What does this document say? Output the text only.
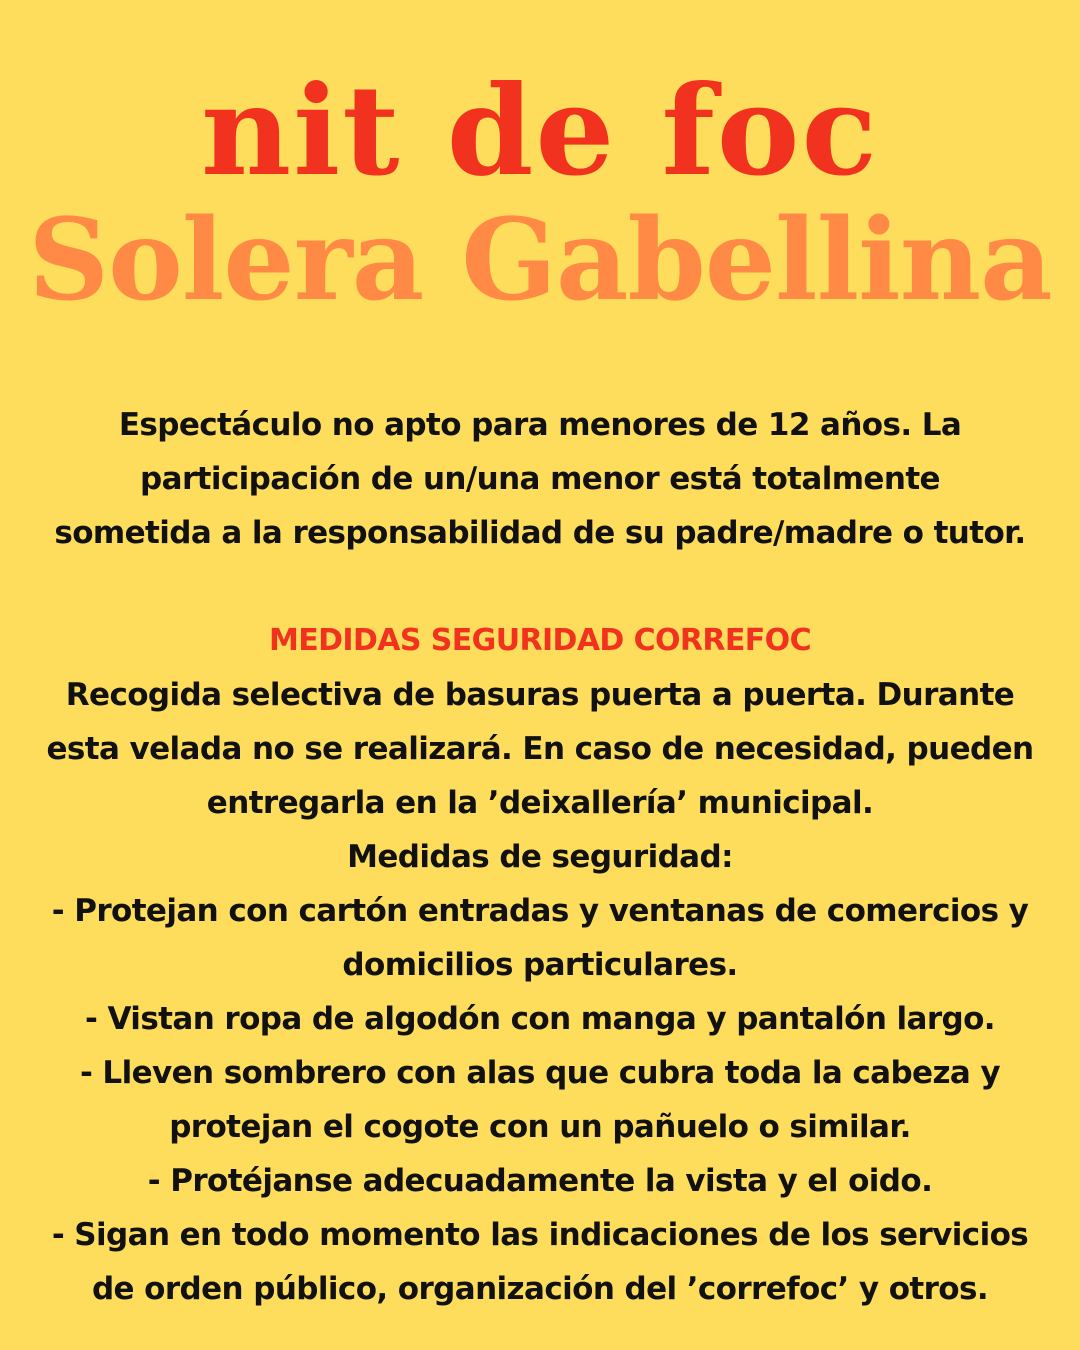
nit de foc
Solera Gabellina
Espectáculo no apto para menores de 12 años. La
participación de un/una menor está totalmente
sometida a la responsabilidad de su padre/madre o tutor.
MEDIDAS SEGURIDAD CORREFOC
Recogida selectiva de basuras puerta a puerta. Durante
esta velada no se realizará. En caso de necesidad, pueden
entregarla en la ’deixallería’ municipal.
Medidas de seguridad:
- Protejan con cartón entradas y ventanas de comercios y
domicilios particulares.
- Vistan ropa de algodón con manga y pantalón largo.
- Lleven sombrero con alas que cubra toda la cabeza y
protejan el cogote con un pañuelo o similar.
- Protéjanse adecuadamente la vista y el oido.
- Sigan en todo momento las indicaciones de los servicios
de orden público, organización del ’correfoc’ y otros.
